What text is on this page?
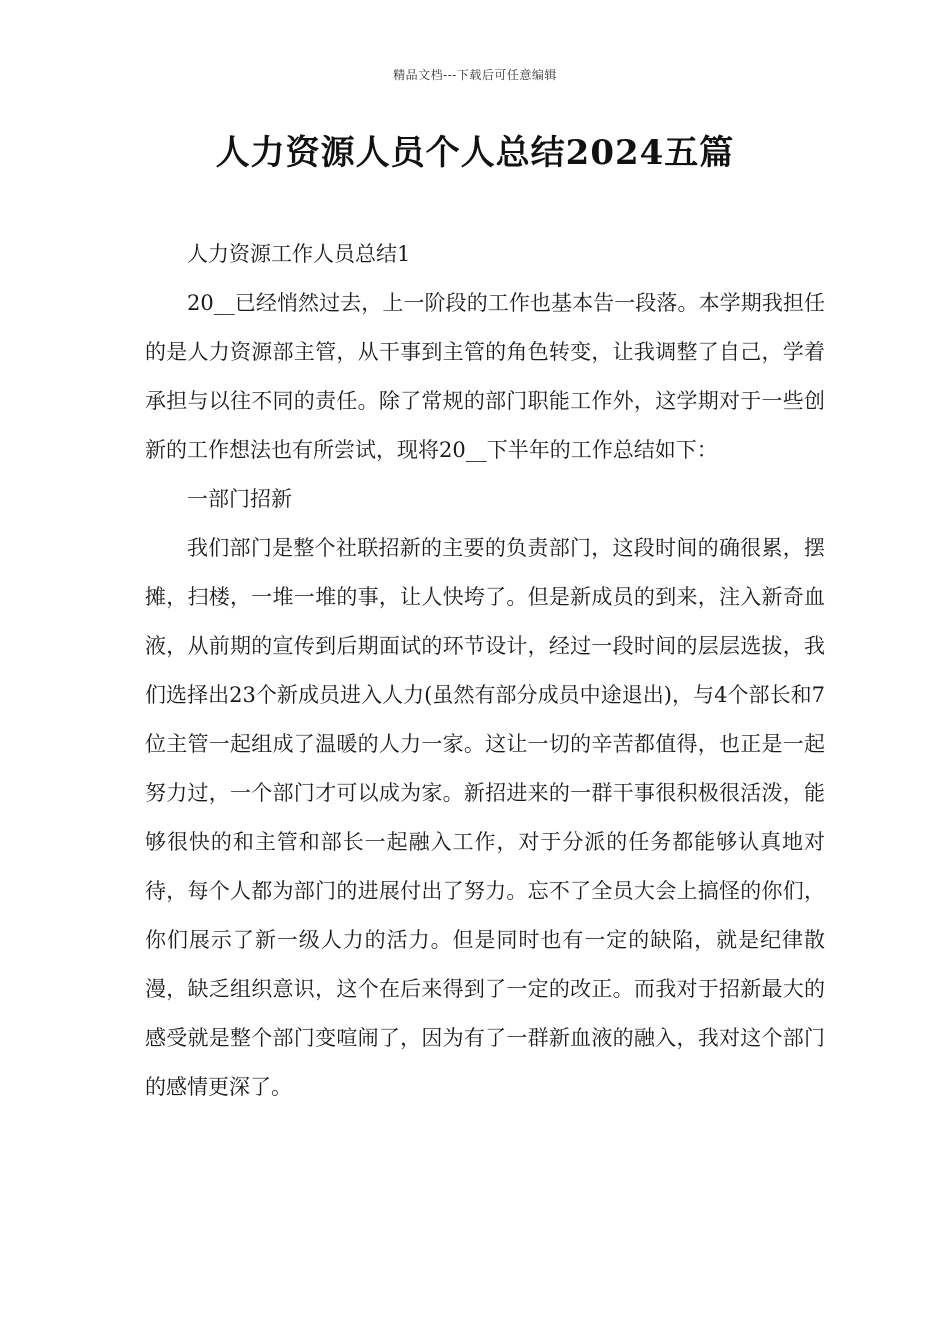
精品文档---下载后可任意编辑
人力资源人员个人总结2024五篇

人力资源工作人员总结1

20__已经悄然过去，上一阶段的工作也基本告一段落。本学期我担任的是人力资源部主管，从干事到主管的角色转变，让我调整了自己，学着承担与以往不同的责任。除了常规的部门职能工作外，这学期对于一些创新的工作想法也有所尝试，现将20__下半年的工作总结如下：

一部门招新

我们部门是整个社联招新的主要的负责部门，这段时间的确很累，摆摊，扫楼，一堆一堆的事，让人快垮了。但是新成员的到来，注入新奇血液，从前期的宣传到后期面试的环节设计，经过一段时间的层层选拔，我们选择出23个新成员进入人力(虽然有部分成员中途退出)，与4个部长和7位主管一起组成了温暖的人力一家。这让一切的辛苦都值得，也正是一起努力过，一个部门才可以成为家。新招进来的一群干事很积极很活泼，能够很快的和主管和部长一起融入工作，对于分派的任务都能够认真地对待，每个人都为部门的进展付出了努力。忘不了全员大会上搞怪的你们，你们展示了新一级人力的活力。但是同时也有一定的缺陷，就是纪律散漫，缺乏组织意识，这个在后来得到了一定的改正。而我对于招新最大的感受就是整个部门变喧闹了，因为有了一群新血液的融入，我对这个部门的感情更深了。
